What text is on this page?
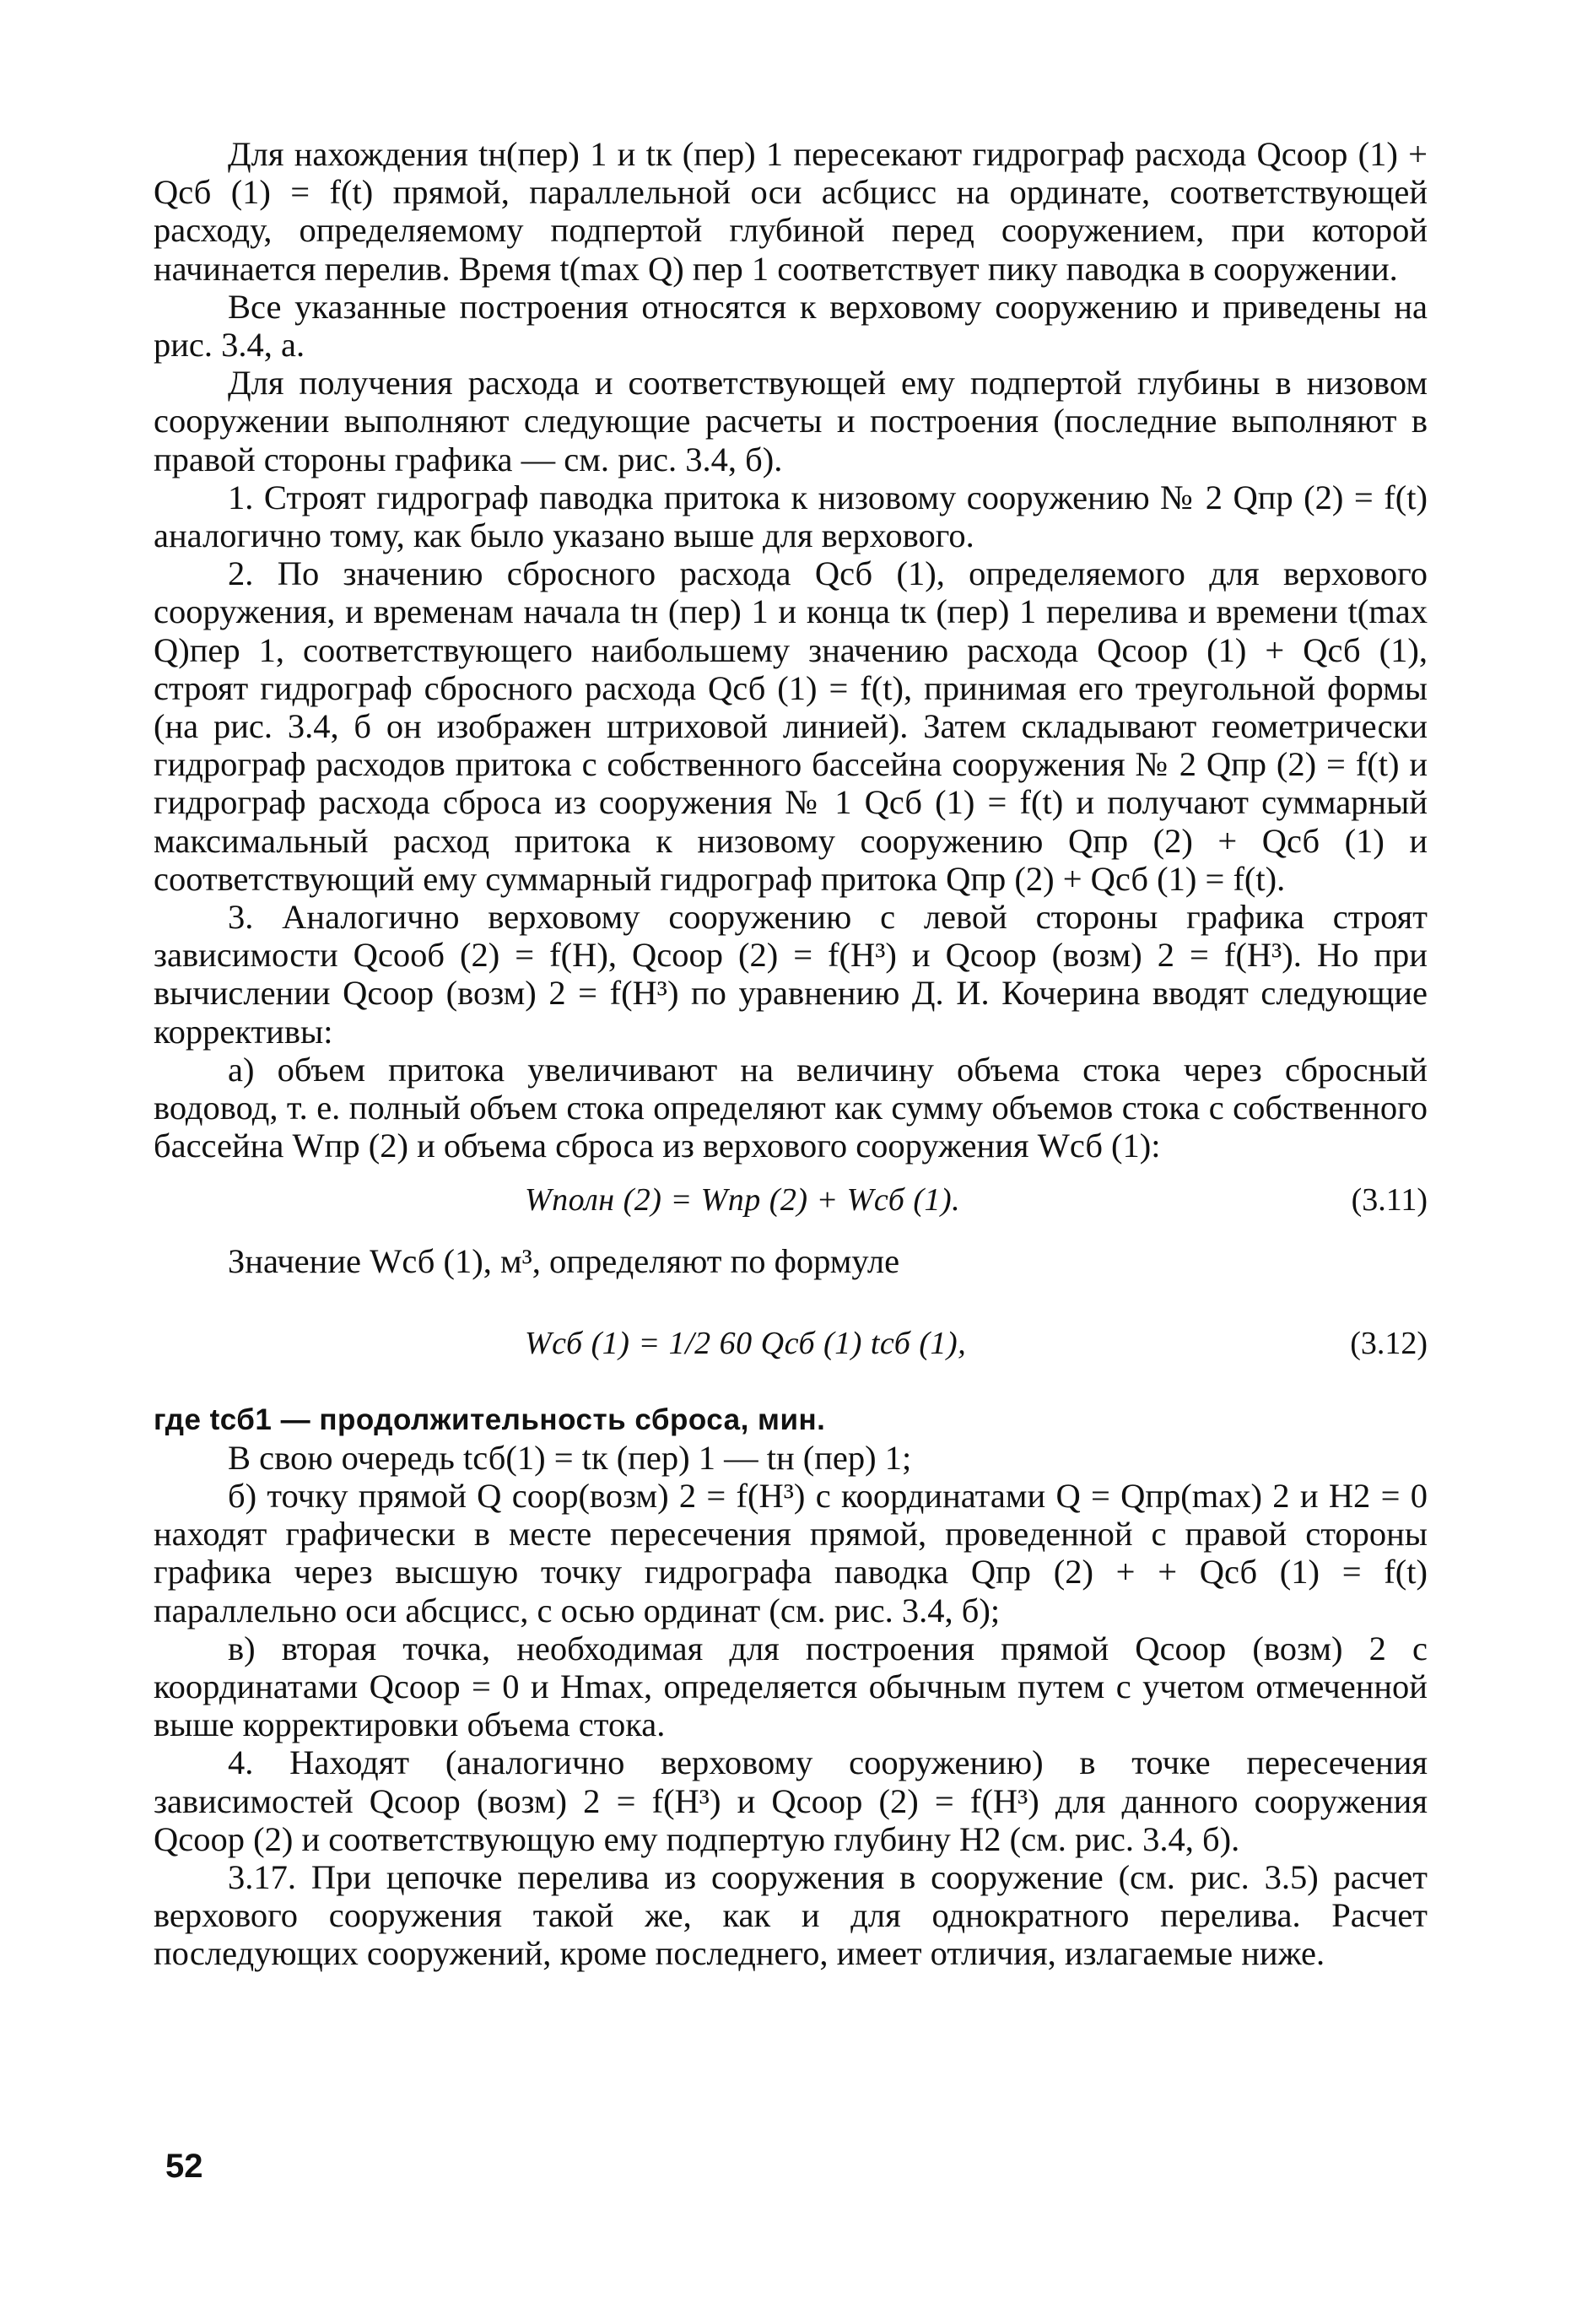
Для нахождения tн(пер) 1 и tк (пер) 1 пересекают гидрограф расхода Qсоор (1) + Qсб (1) = f(t) прямой, параллельной оси асбцисс на ординате, соответствующей расходу, определяемому подпертой глубиной перед сооружением, при которой начинается перелив. Время t(max Q) пер 1 соответствует пику паводка в сооружении.

Все указанные построения относятся к верховому сооружению и приведены на рис. 3.4, а.

Для получения расхода и соответствующей ему подпертой глубины в низовом сооружении выполняют следующие расчеты и построения (последние выполняют в правой стороны графика — см. рис. 3.4, б).

1. Строят гидрограф паводка притока к низовому сооружению № 2 Qпр (2) = f(t) аналогично тому, как было указано выше для верхового.

2. По значению сбросного расхода Qсб (1), определяемого для верхового сооружения, и временам начала tн (пер) 1 и конца tк (пер) 1 перелива и времени t(max Q)пер 1, соответствующего наибольшему значению расхода Qсоор (1) + Qсб (1), строят гидрограф сбросного расхода Qсб (1) = f(t), принимая его треугольной формы (на рис. 3.4, б он изображен штриховой линией). Затем складывают геометрически гидрограф расходов притока с собственного бассейна сооружения № 2 Qпр (2) = f(t) и гидрограф расхода сброса из сооружения № 1 Qсб (1) = f(t) и получают суммарный максимальный расход притока к низовому сооружению Qпр (2) + Qсб (1) и соответствующий ему суммарный гидрограф притока Qпр (2) + Qсб (1) = f(t).

3. Аналогично верховому сооружению с левой стороны графика строят зависимости Qсооб (2) = f(H), Qсоор (2) = f(H³) и Qсоор (возм) 2 = f(H³). Но при вычислении Qсоор (возм) 2 = f(H³) по уравнению Д. И. Кочерина вводят следующие коррективы:

а) объем притока увеличивают на величину объема стока через сбросный водовод, т. е. полный объем стока определяют как сумму объемов стока с собственного бассейна Wпр (2) и объема сброса из верхового сооружения Wсб (1):

Wполн (2) = Wпр (2) + Wсб (1).	(3.11)

Значение Wсб (1), м³, определяют по формуле

Wсб (1) = 1/2 60 Qсб (1) tсб (1),	(3.12)

где tсб1 — продолжительность сброса, мин.

В свою очередь tсб(1) = tк (пер) 1 — tн (пер) 1;

б) точку прямой Q соор(возм) 2 = f(H³) с координатами Q = Qпр(max) 2 и H2 = 0 находят графически в месте пересечения прямой, проведенной с правой стороны графика через высшую точку гидрографа паводка Qпр (2) + + Qсб (1) = f(t) параллельно оси абсцисс, с осью ординат (см. рис. 3.4, б);

в) вторая точка, необходимая для построения прямой Qсоор (возм) 2 с координатами Qсоор = 0 и Hmax, определяется обычным путем с учетом отмеченной выше корректировки объема стока.

4. Находят (аналогично верховому сооружению) в точке пересечения зависимостей Qсоор (возм) 2 = f(H³) и Qсоор (2) = f(H³) для данного сооружения Qсоор (2) и соответствующую ему подпертую глубину H2 (см. рис. 3.4, б).

3.17. При цепочке перелива из сооружения в сооружение (см. рис. 3.5) расчет верхового сооружения такой же, как и для однократного перелива. Расчет последующих сооружений, кроме последнего, имеет отличия, излагаемые ниже.

52
